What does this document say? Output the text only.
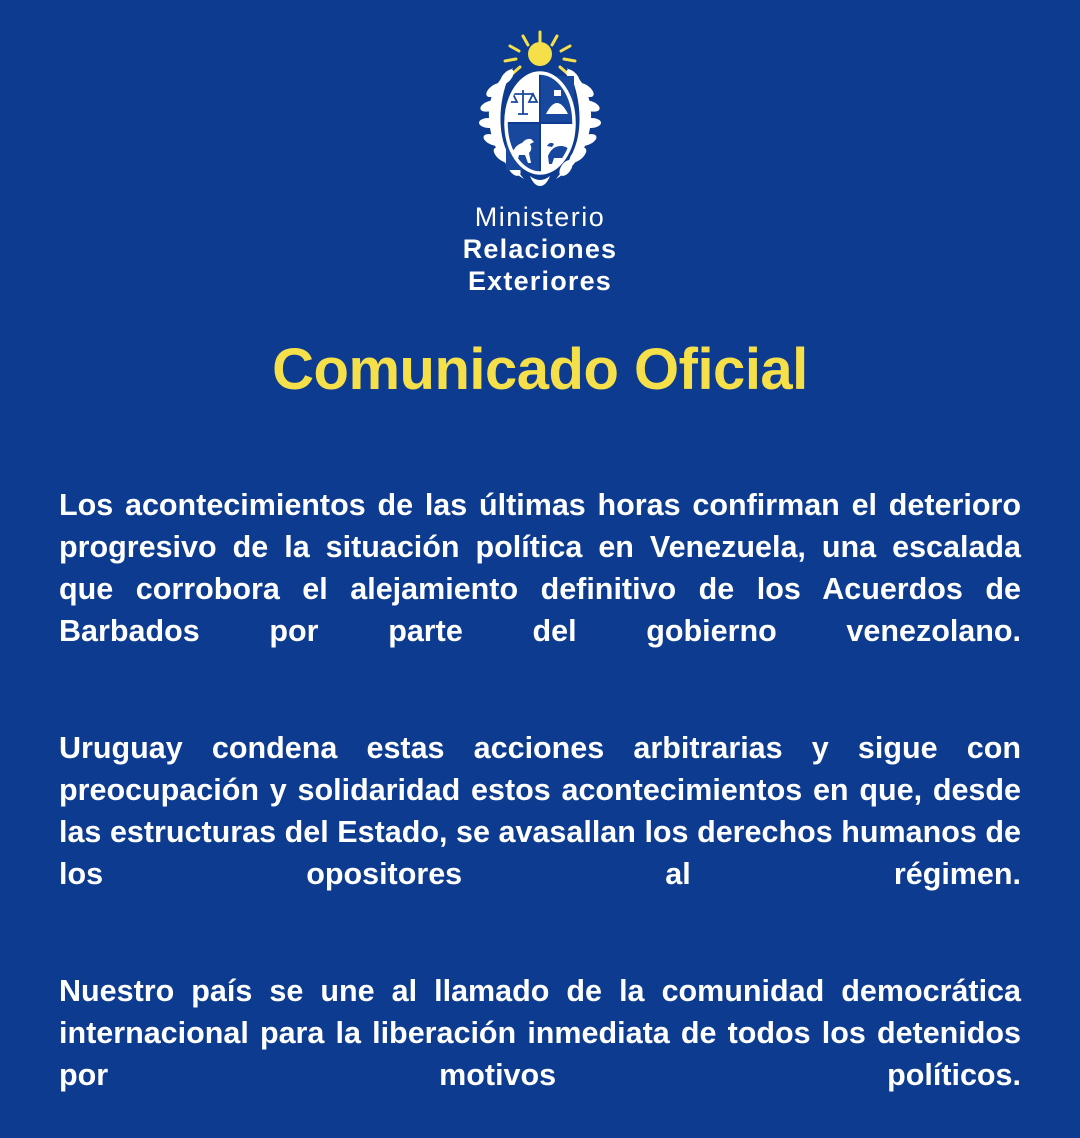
Ministerio
Relaciones
Exteriores
Comunicado Oficial

Los acontecimientos de las últimas horas confirman el deterioro progresivo de la situación política en Venezuela, una escalada que corrobora el alejamiento definitivo de los Acuerdos de Barbados por parte del gobierno venezolano.

Uruguay condena estas acciones arbitrarias y sigue con preocupación y solidaridad estos acontecimientos en que, desde las estructuras del Estado, se avasallan los derechos humanos de los opositores al régimen.

Nuestro país se une al llamado de la comunidad democrática internacional para la liberación inmediata de todos los detenidos por motivos políticos.
